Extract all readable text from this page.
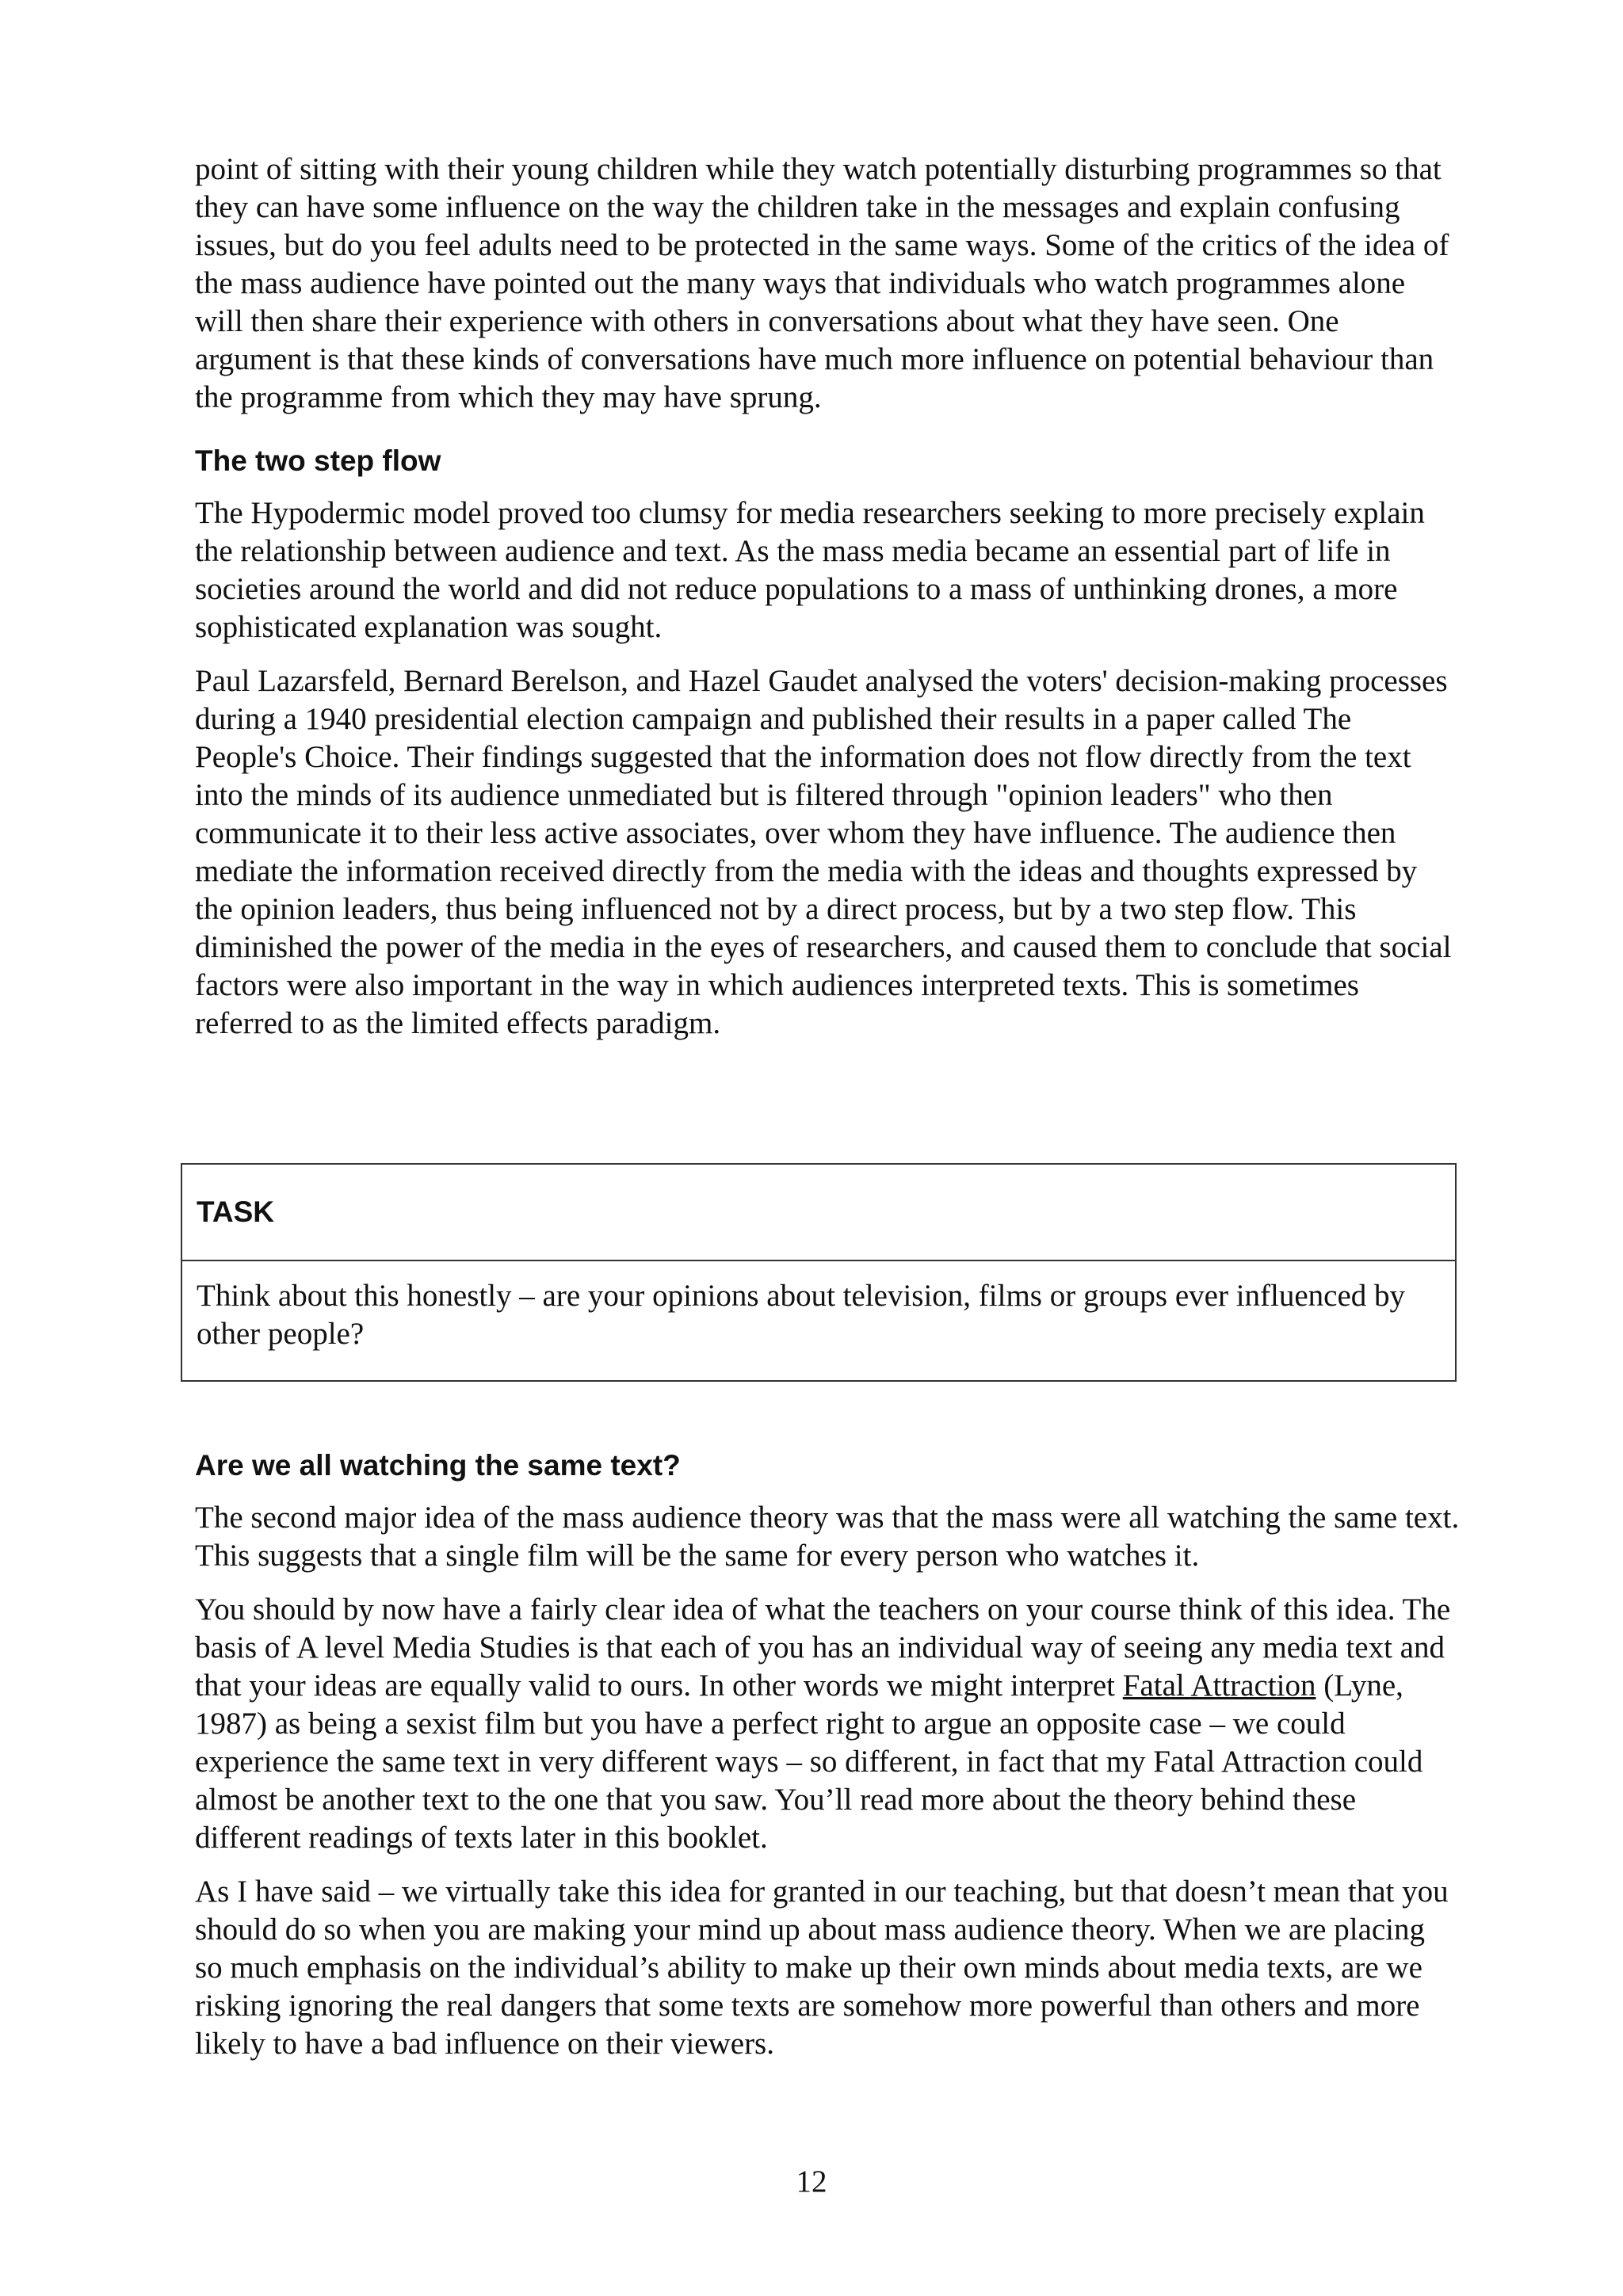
point of sitting with their young children while they watch potentially disturbing programmes so that they can have some influence on the way the children take in the messages and explain confusing issues, but do you feel adults need to be protected in the same ways. Some of the critics of the idea of the mass audience have pointed out the many ways that individuals who watch programmes alone will then share their experience with others in conversations about what they have seen. One argument is that these kinds of conversations have much more influence on potential behaviour than the programme from which they may have sprung.

The two step flow

The Hypodermic model proved too clumsy for media researchers seeking to more precisely explain the relationship between audience and text. As the mass media became an essential part of life in societies around the world and did not reduce populations to a mass of unthinking drones, a more sophisticated explanation was sought.

Paul Lazarsfeld, Bernard Berelson, and Hazel Gaudet analysed the voters' decision-making processes during a 1940 presidential election campaign and published their results in a paper called The People's Choice. Their findings suggested that the information does not flow directly from the text into the minds of its audience unmediated but is filtered through "opinion leaders" who then communicate it to their less active associates, over whom they have influence. The audience then mediate the information received directly from the media with the ideas and thoughts expressed by the opinion leaders, thus being influenced not by a direct process, but by a two step flow. This diminished the power of the media in the eyes of researchers, and caused them to conclude that social factors were also important in the way in which audiences interpreted texts. This is sometimes referred to as the limited effects paradigm.

TASK
Think about this honestly – are your opinions about television, films or groups ever influenced by other people?
Are we all watching the same text?

The second major idea of the mass audience theory was that the mass were all watching the same text. This suggests that a single film will be the same for every person who watches it.

You should by now have a fairly clear idea of what the teachers on your course think of this idea. The basis of A level Media Studies is that each of you has an individual way of seeing any media text and that your ideas are equally valid to ours. In other words we might interpret Fatal Attraction (Lyne, 1987) as being a sexist film but you have a perfect right to argue an opposite case – we could experience the same text in very different ways – so different, in fact that my Fatal Attraction could almost be another text to the one that you saw. You’ll read more about the theory behind these different readings of texts later in this booklet.

As I have said – we virtually take this idea for granted in our teaching, but that doesn’t mean that you should do so when you are making your mind up about mass audience theory. When we are placing so much emphasis on the individual’s ability to make up their own minds about media texts, are we risking ignoring the real dangers that some texts are somehow more powerful than others and more likely to have a bad influence on their viewers.

12
